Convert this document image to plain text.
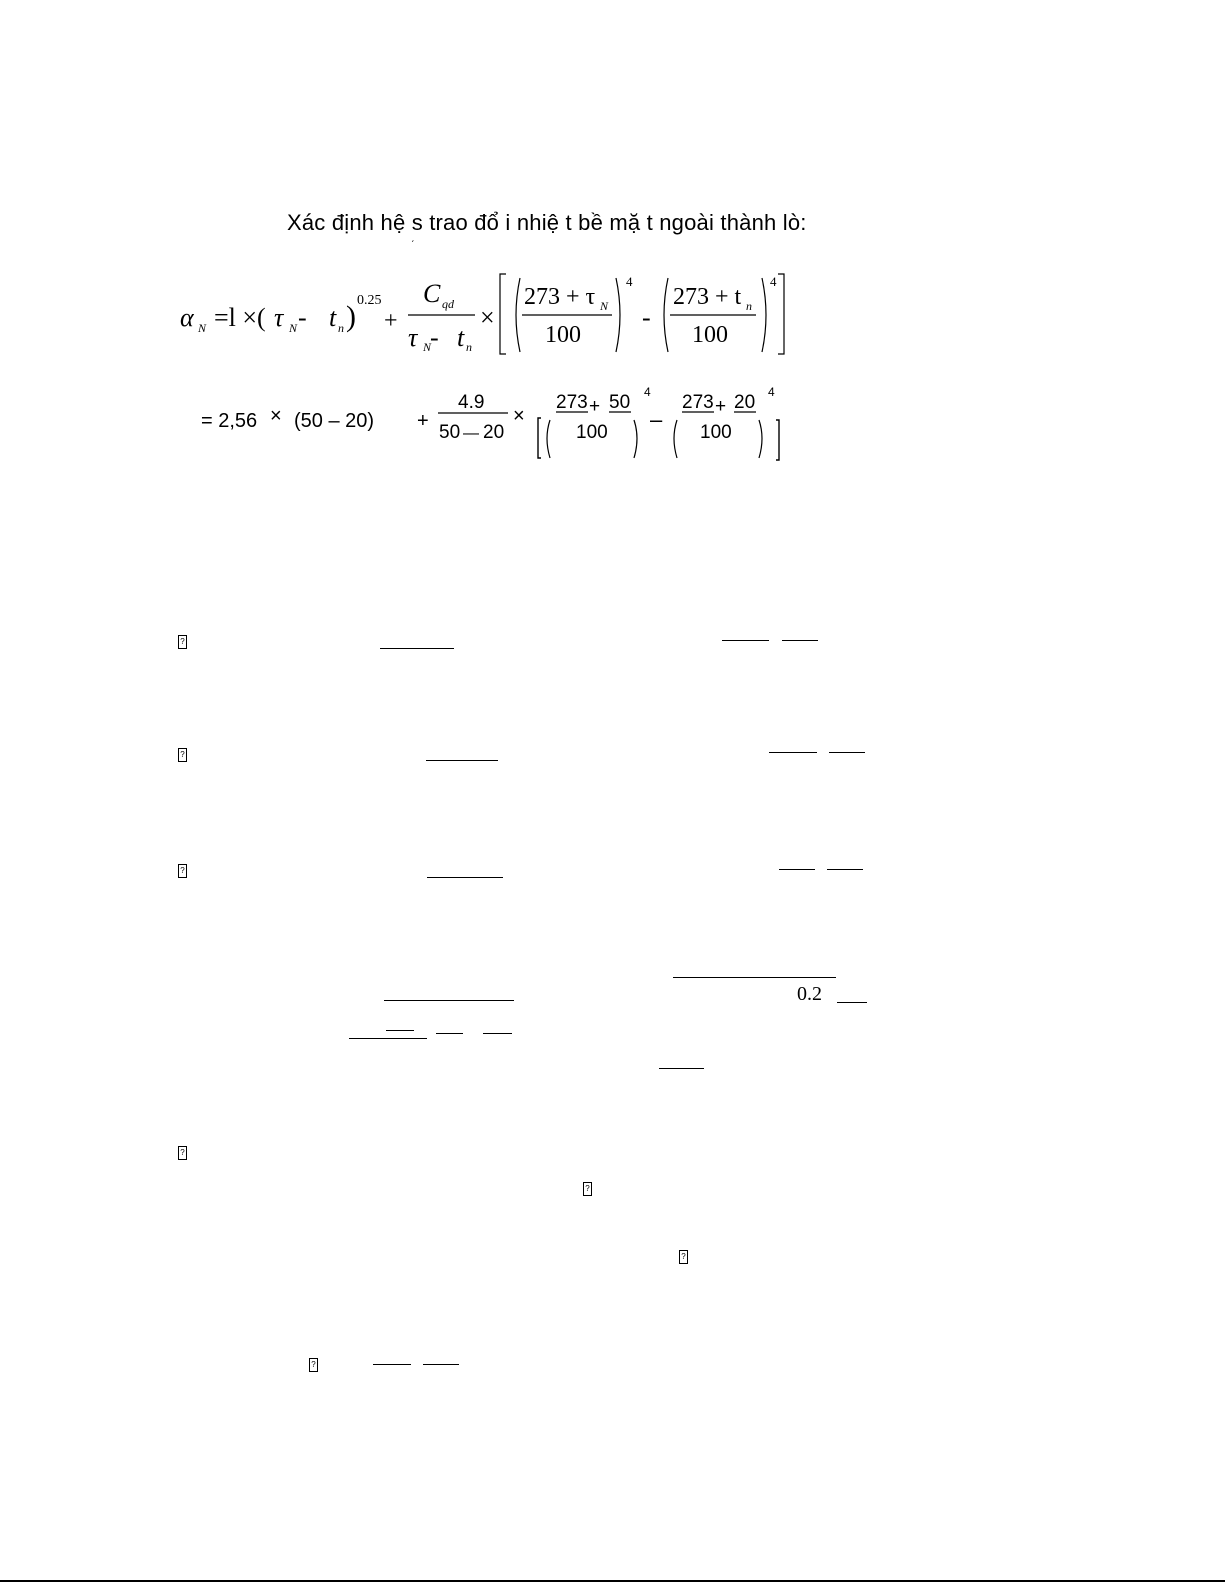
Xác định hệ s trao đổ i nhiệ t bề mặ t ngoài thành lò:
ˊ
α N =l ×( τ N - t n ) 0.25
+
C qd
τ N
- t n
×
273 + τ N
100
4
-
273 + t n
100
4
= 2,56 × (50 – 20) +
4.9
50 — 20
×
273 + 50
100
4
–
273 + 20
100
4
?
?
?
?
?
?
?
0.2
